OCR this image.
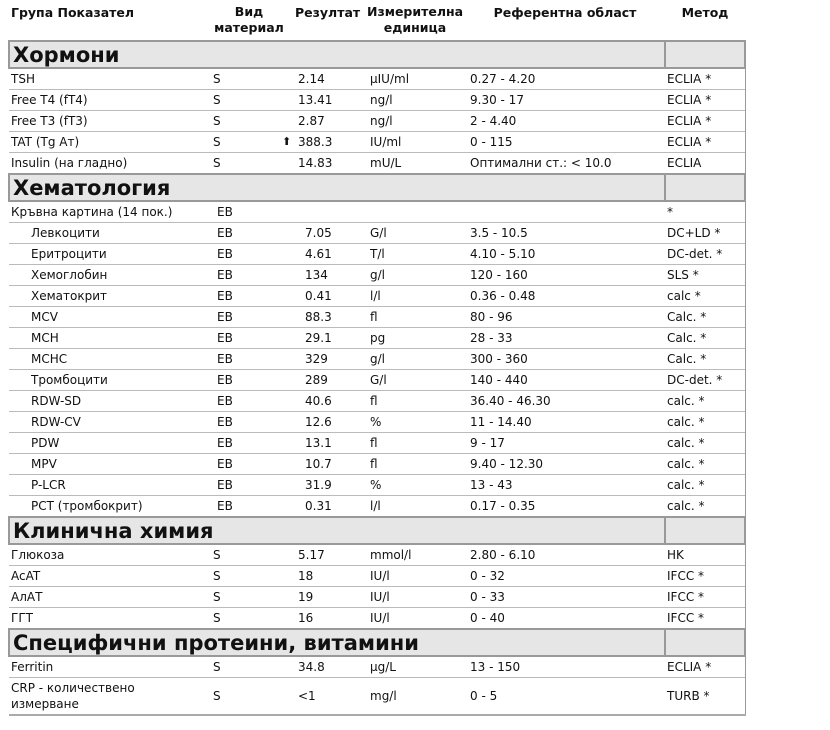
Група Показател	Вид материал	Резултат	Измерителна единица	Референтна област	Метод
Хормони					
TSH	S	2.14	µIU/ml	0.27 - 4.20	ECLIA *
Free T4 (fT4)	S	13.41	ng/l	9.30 - 17	ECLIA *
Free T3 (fT3)	S	2.87	ng/l	2 - 4.40	ECLIA *
TAT (Tg Ат)	S	⬆ 388.3	IU/ml	0 - 115	ECLIA *
Insulin (на гладно)	S	14.83	mU/L	Оптимални ст.: < 10.0	ECLIA
Хематология					
Кръвна картина (14 пок.)	EB				*
Левкоцити	EB	7.05	G/l	3.5 - 10.5	DC+LD *
Еритроцити	EB	4.61	T/l	4.10 - 5.10	DC-det. *
Хемоглобин	EB	134	g/l	120 - 160	SLS *
Хематокрит	EB	0.41	l/l	0.36 - 0.48	calc *
MCV	EB	88.3	fl	80 - 96	Calc. *
MCH	EB	29.1	pg	28 - 33	Calc. *
MCHC	EB	329	g/l	300 - 360	Calc. *
Тромбоцити	EB	289	G/l	140 - 440	DC-det. *
RDW-SD	EB	40.6	fl	36.40 - 46.30	calc. *
RDW-CV	EB	12.6	%	11 - 14.40	calc. *
PDW	EB	13.1	fl	9 - 17	calc. *
MPV	EB	10.7	fl	9.40 - 12.30	calc. *
P-LCR	EB	31.9	%	13 - 43	calc. *
PCT (тромбокрит)	EB	0.31	l/l	0.17 - 0.35	calc. *
Клинична химия					
Глюкоза	S	5.17	mmol/l	2.80 - 6.10	HK
AcAT	S	18	IU/l	0 - 32	IFCC *
АлАТ	S	19	IU/l	0 - 33	IFCC *
ГГТ	S	16	IU/l	0 - 40	IFCC *
Специфични протеини, витамини					
Ferritin	S	34.8	µg/L	13 - 150	ECLIA *
CRP - количествено измерване	S	<1	mg/l	0 - 5	TURB *
